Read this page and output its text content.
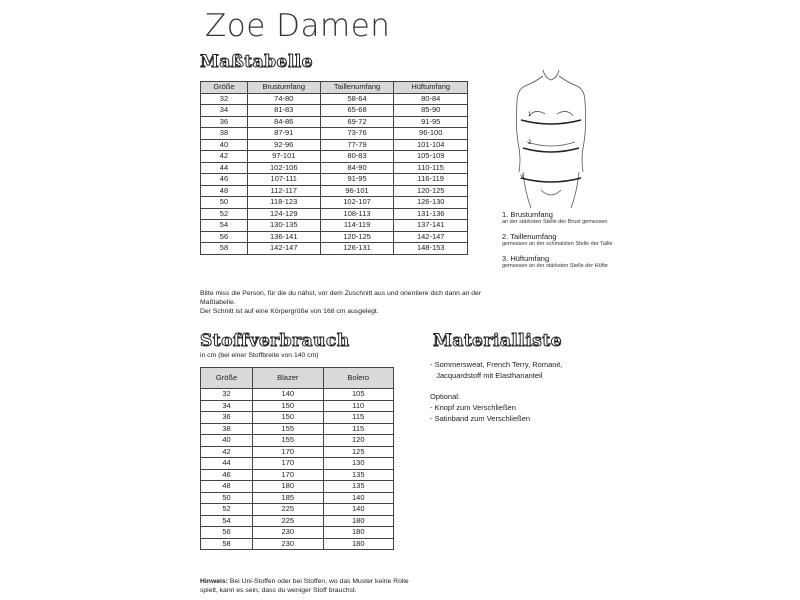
Zoe Damen
Maßtabelle
Größe	Brustumfang	Taillenumfang	Hüftumfang
32	74-80	58-64	80-84
34	81-83	65-68	85-90
36	84-86	69-72	91-95
38	87-91	73-76	96-100
40	92-96	77-79	101-104
42	97-101	80-83	105-109
44	102-106	84-90	110-115
46	107-111	91-95	116-119
48	112-117	96-101	120-125
50	118-123	102-107	126-130
52	124-129	108-113	131-136
54	130-135	114-119	137-141
56	136-141	120-125	142-147
58	142-147	126-131	148-153
Bitte miss die Person, für die du nähst, vor dem Zuschnitt aus und orientiere dich dann an der Maßtabelle.
Der Schnitt ist auf eine Körpergröße von 168 cm ausgelegt.
1
2
3
1. Brustumfang
an der stärksten Stelle der Brust gemessen
2. Taillenumfang
gemessen an der schmalsten Stelle der Taille
3. Hüftumfang
gemessen an der stärksten Stelle der Hüfte
Stoffverbrauch
in cm (bei einer Stoffbreite von 140 cm)
Größe	Blazer	Bolero
32	140	105
34	150	110
36	150	115
38	155	115
40	155	120
42	170	125
44	170	130
46	170	135
48	180	135
50	185	140
52	225	140
54	225	180
56	230	180
58	230	180
Hinweis: Bei Uni-Stoffen oder bei Stoffen, wo das Muster keine Rolle spielt, kann es sein, dass du weniger Stoff brauchst.
Materialliste
- Sommersweat, French Terry, Romanit,
Jacquardstoff mit Elasthananteil
Optional:
- Knopf zum Verschließen
- Satinband zum Verschließen
